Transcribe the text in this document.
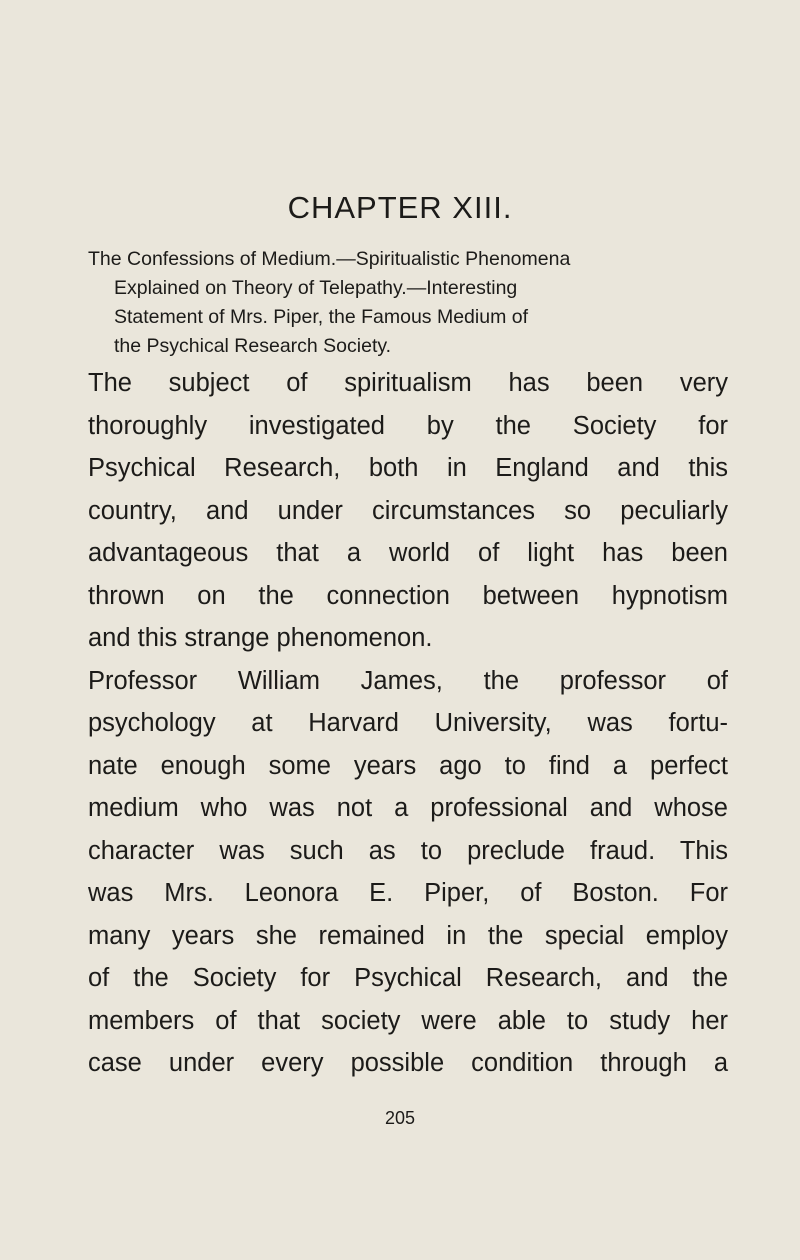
CHAPTER XIII.
The Confessions of Medium.—Spiritualistic Phenomena
Explained on Theory of Telepathy.—Interesting
Statement of Mrs. Piper, the Famous Medium of
the Psychical Research Society.
The subject of spiritualism has been very
thoroughly investigated by the Society for
Psychical Research, both in England and this
country, and under circumstances so peculiarly
advantageous that a world of light has been
thrown on the connection between hypnotism
and this strange phenomenon.
Professor William James, the professor of
psychology at Harvard University, was fortu-
nate enough some years ago to find a perfect
medium who was not a professional and whose
character was such as to preclude fraud. This
was Mrs. Leonora E. Piper, of Boston. For
many years she remained in the special employ
of the Society for Psychical Research, and the
members of that society were able to study her
case under every possible condition through a
205
